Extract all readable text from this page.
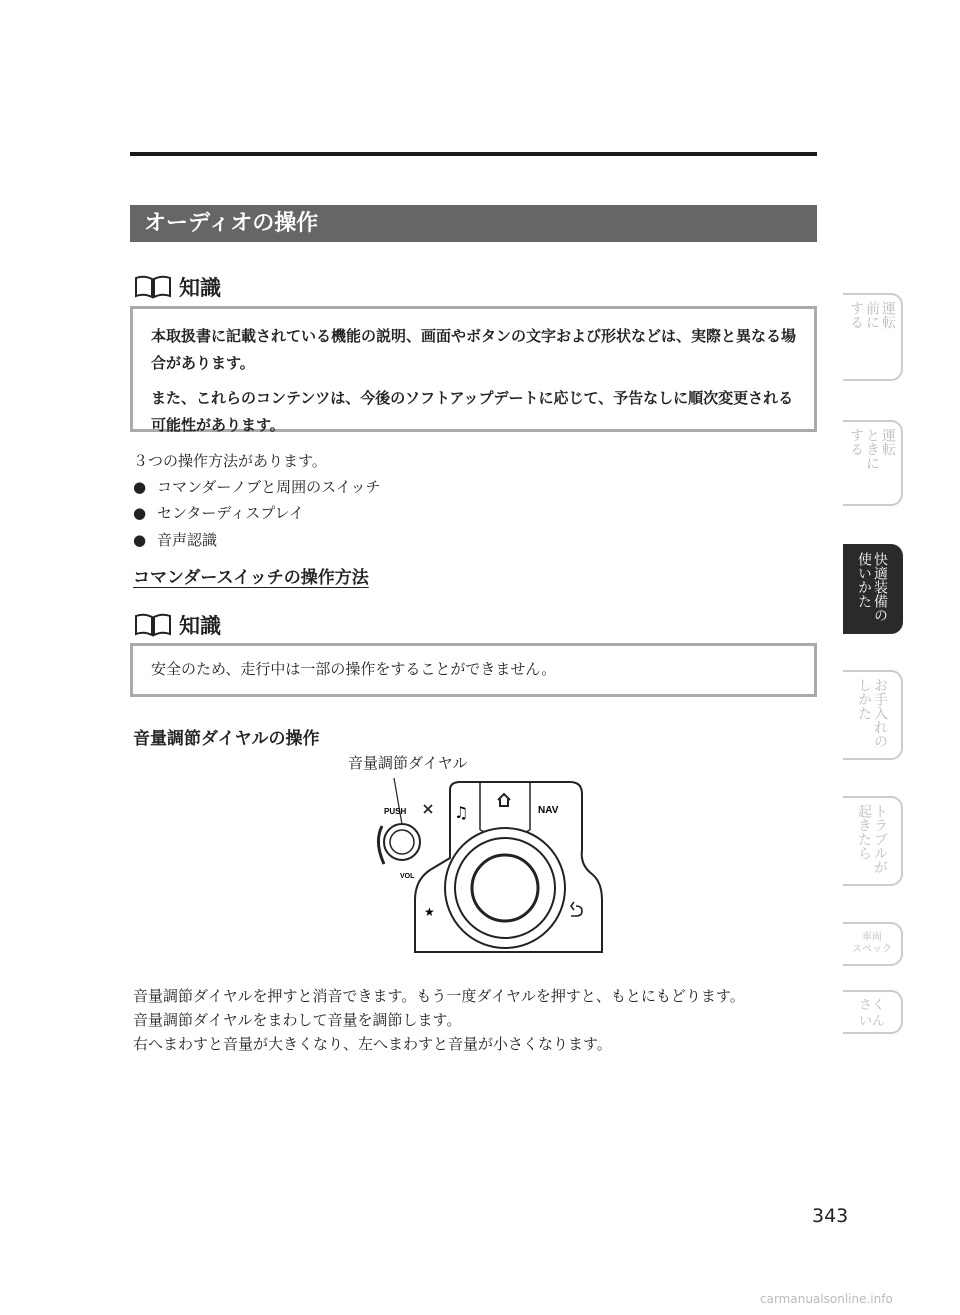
オーディオの操作
知識

本取扱書に記載されている機能の説明、画面やボタンの文字および形状などは、実際と異なる場合があります。

また、これらのコンテンツは、今後のソフトアップデートに応じて、予告なしに順次変更される可能性があります。

３つの操作方法があります。
● コマンダーノブと周囲のスイッチ
● センターディスプレイ
● 音声認識
コマンダースイッチの操作方法
知識

安全のため、走行中は一部の操作をすることができません。

音量調節ダイヤルの操作
音量調節ダイヤル
PUSH
VOL
NAV
♫
★
音量調節ダイヤルを押すと消音できます。もう一度ダイヤルを押すと、もとにもどります。
音量調節ダイヤルをまわして音量を調節します。
右へまわすと音量が大きくなり、左へまわすと音量が小さくなります。
運転
前に
する
運転
ときに
する
快適装備の
使いかた
お手入れの
しかた
トラブルが
起きたら
車両
スペック
さく
いん
343
carmanualsonline.info
